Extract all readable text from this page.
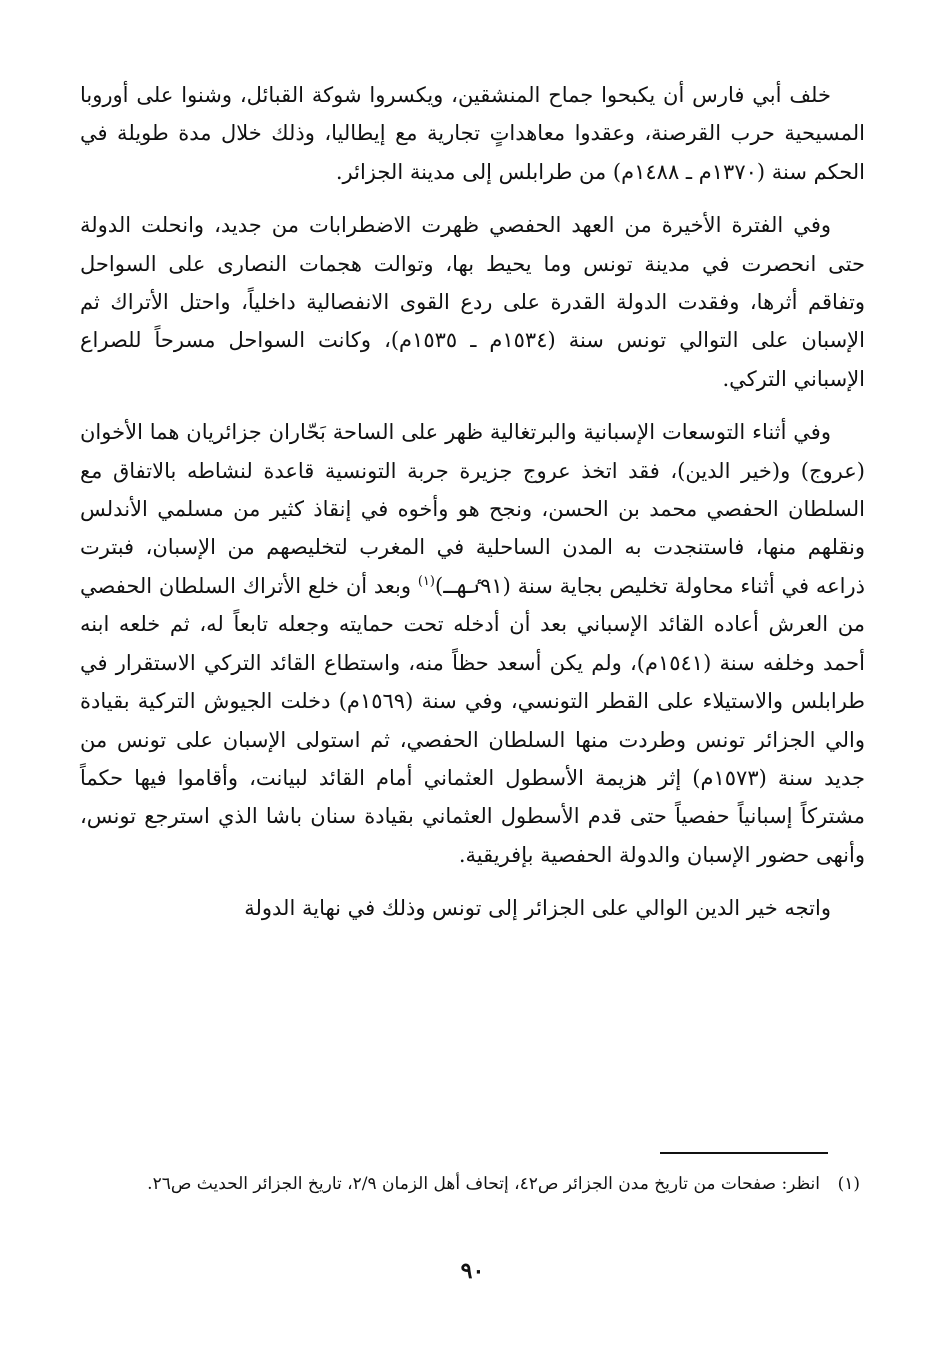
خلف أبي فارس أن يكبحوا جماح المنشقين، ويكسروا شوكة القبائل، وشنوا على أوروبا المسيحية حرب القرصنة، وعقدوا معاهداتٍ تجارية مع إيطاليا، وذلك خلال مدة طويلة في الحكم سنة (١٣٧٠م ـ ١٤٨٨م) من طرابلس إلى مدينة الجزائر.

وفي الفترة الأخيرة من العهد الحفصي ظهرت الاضطرابات من جديد، وانحلت الدولة حتى انحصرت في مدينة تونس وما يحيط بها، وتوالت هجمات النصارى على السواحل وتفاقم أثرها، وفقدت الدولة القدرة على ردع القوى الانفصالية داخلياً، واحتل الأتراك ثم الإسبان على التوالي تونس سنة (١٥٣٤م ـ ١٥٣٥م)، وكانت السواحل مسرحاً للصراع الإسباني التركي.

وفي أثناء التوسعات الإسبانية والبرتغالية ظهر على الساحة بَحّاران جزائريان هما الأخوان (عروج) و(خير الدين)، فقد اتخذ عروج جزيرة جربة التونسية قاعدة لنشاطه بالاتفاق مع السلطان الحفصي محمد بن الحسن، ونجح هو وأخوه في إنقاذ كثير من مسلمي الأندلس ونقلهم منها، فاستنجدت به المدن الساحلية في المغرب لتخليصهم من الإسبان، فبترت ذراعه في أثناء محاولة تخليص بجاية سنة (٩١ٸهـ)$^{(١)}$ وبعد أن خلع الأتراك السلطان الحفصي من العرش أعاده القائد الإسباني بعد أن أدخله تحت حمايته وجعله تابعاً له، ثم خلعه ابنه أحمد وخلفه سنة (١٥٤١م)، ولم يكن أسعد حظاً منه، واستطاع القائد التركي الاستقرار في طرابلس والاستيلاء على القطر التونسي، وفي سنة (١٥٦٩م) دخلت الجيوش التركية بقيادة والي الجزائر تونس وطردت منها السلطان الحفصي، ثم استولى الإسبان على تونس من جديد سنة (١٥٧٣م) إثر هزيمة الأسطول العثماني أمام القائد لبيانت، وأقاموا فيها حكماً مشتركاً إسبانياً حفصياً حتى قدم الأسطول العثماني بقيادة سنان باشا الذي استرجع تونس، وأنهى حضور الإسبان والدولة الحفصية بإفريقية.

واتجه خير الدين الوالي على الجزائر إلى تونس وذلك في نهاية الدولة

(١)
انظر: صفحات من تاريخ مدن الجزائر ص٤٢، إتحاف أهل الزمان ٢/٩، تاريخ الجزائر الحديث ص٢٦.

٩٠
